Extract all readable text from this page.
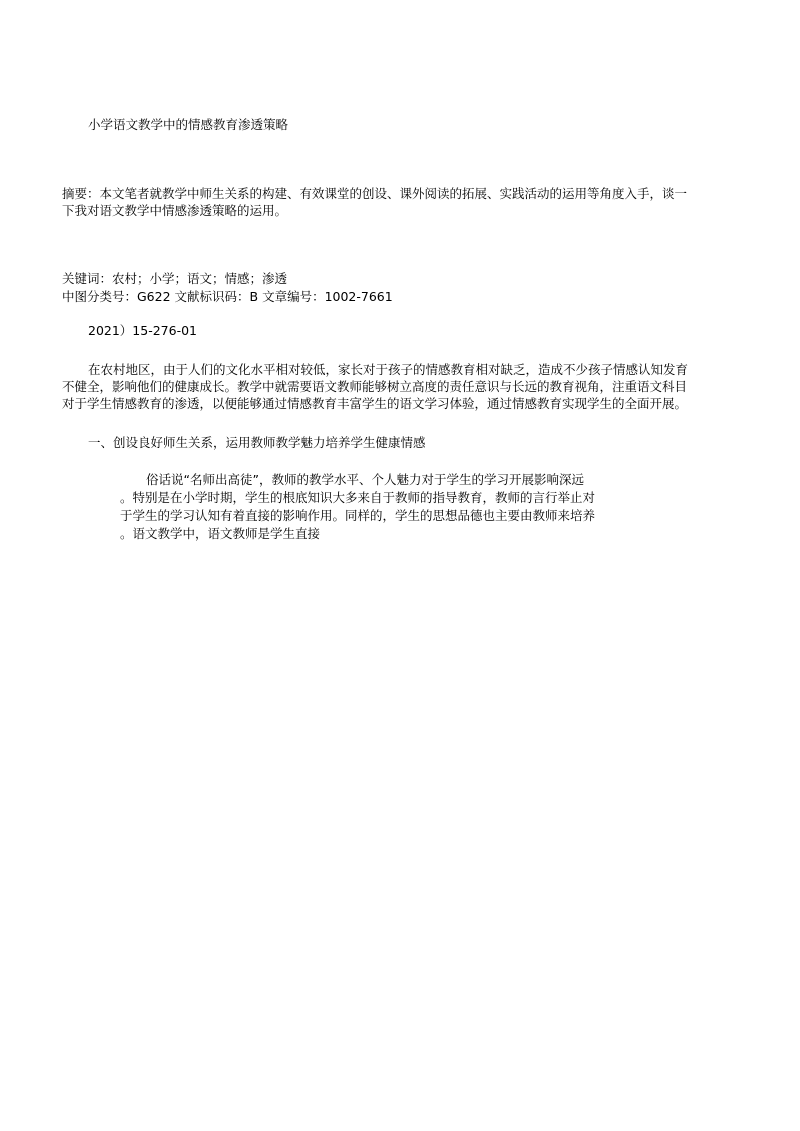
小学语文教学中的情感教育渗透策略

摘要：本文笔者就教学中师生关系的构建、有效课堂的创设、课外阅读的拓展、实践活动的运用等角度入手，谈一

下我对语文教学中情感渗透策略的运用。

关键词：农村；小学；语文；情感；渗透

中图分类号：G622 文献标识码：B 文章编号：1002-7661

2021）15-276-01

在农村地区，由于人们的文化水平相对较低，家长对于孩子的情感教育相对缺乏，造成不少孩子情感认知发育

不健全，影响他们的健康成长。教学中就需要语文教师能够树立高度的责任意识与长远的教育视角，注重语文科目

对于学生情感教育的渗透，以便能够通过情感教育丰富学生的语文学习体验，通过情感教育实现学生的全面开展。

一、创设良好师生关系，运用教师教学魅力培养学生健康情感

俗话说“名师出高徒”，教师的教学水平、个人魅力对于学生的学习开展影响深远

。特别是在小学时期，学生的根底知识大多来自于教师的指导教育，教师的言行举止对

于学生的学习认知有着直接的影响作用。同样的，学生的思想品德也主要由教师来培养

。语文教学中，语文教师是学生直接
